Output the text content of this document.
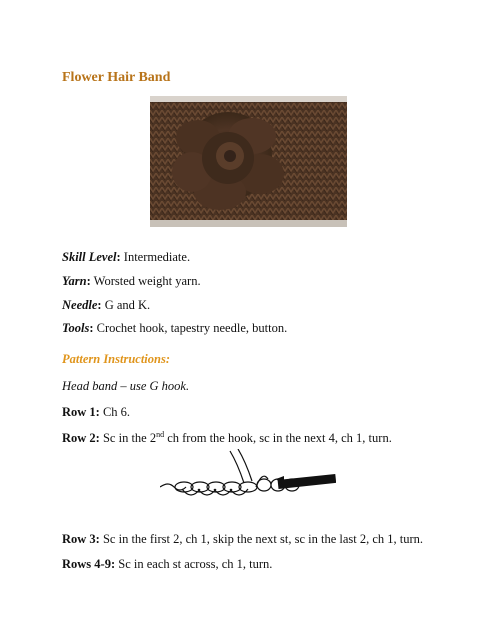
Flower Hair Band
Skill Level: Intermediate.
Yarn: Worsted weight yarn.
Needle: G and K.
Tools: Crochet hook, tapestry needle, button.
Pattern Instructions:
Head band – use G hook.
Row 1: Ch 6.
Row 2: Sc in the 2nd ch from the hook, sc in the next 4, ch 1, turn.
Row 3: Sc in the first 2, ch 1, skip the next st, sc in the last 2, ch 1, turn.
Rows 4-9: Sc in each st across, ch 1, turn.
